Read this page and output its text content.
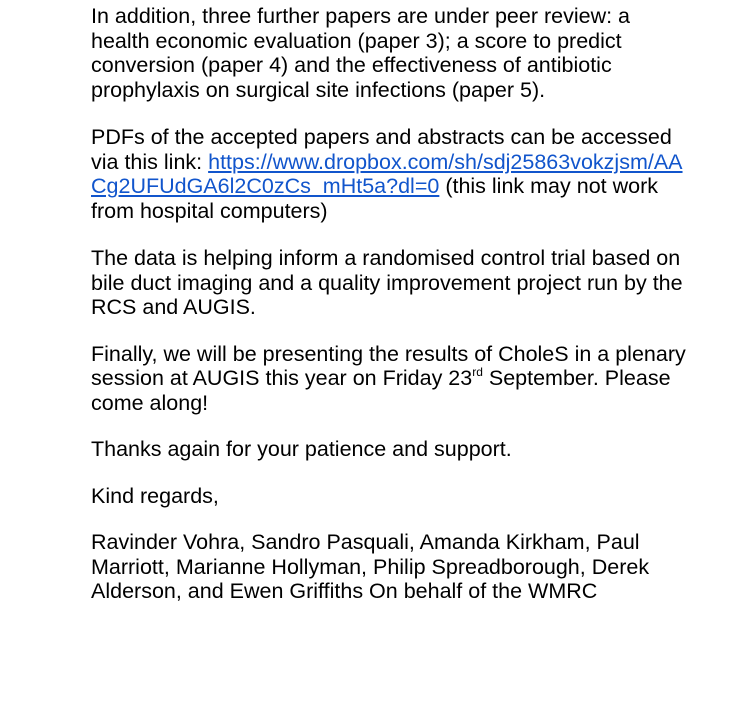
In addition, three further papers are under peer review: a health economic evaluation (paper 3); a score to predict conversion (paper 4) and the effectiveness of antibiotic prophylaxis on surgical site infections (paper 5).

PDFs of the accepted papers and abstracts can be accessed via this link: https://www.dropbox.com/sh/sdj25863vokzjsm/AACg2UFUdGA6l2C0zCs_mHt5a?dl=0 (this link may not work from hospital computers)

The data is helping inform a randomised control trial based on bile duct imaging and a quality improvement project run by the RCS and AUGIS.

Finally, we will be presenting the results of CholeS in a plenary session at AUGIS this year on Friday 23rd September. Please come along!

Thanks again for your patience and support.

Kind regards,

Ravinder Vohra, Sandro Pasquali, Amanda Kirkham, Paul Marriott, Marianne Hollyman, Philip Spreadborough, Derek Alderson, and Ewen Griffiths On behalf of the WMRC
